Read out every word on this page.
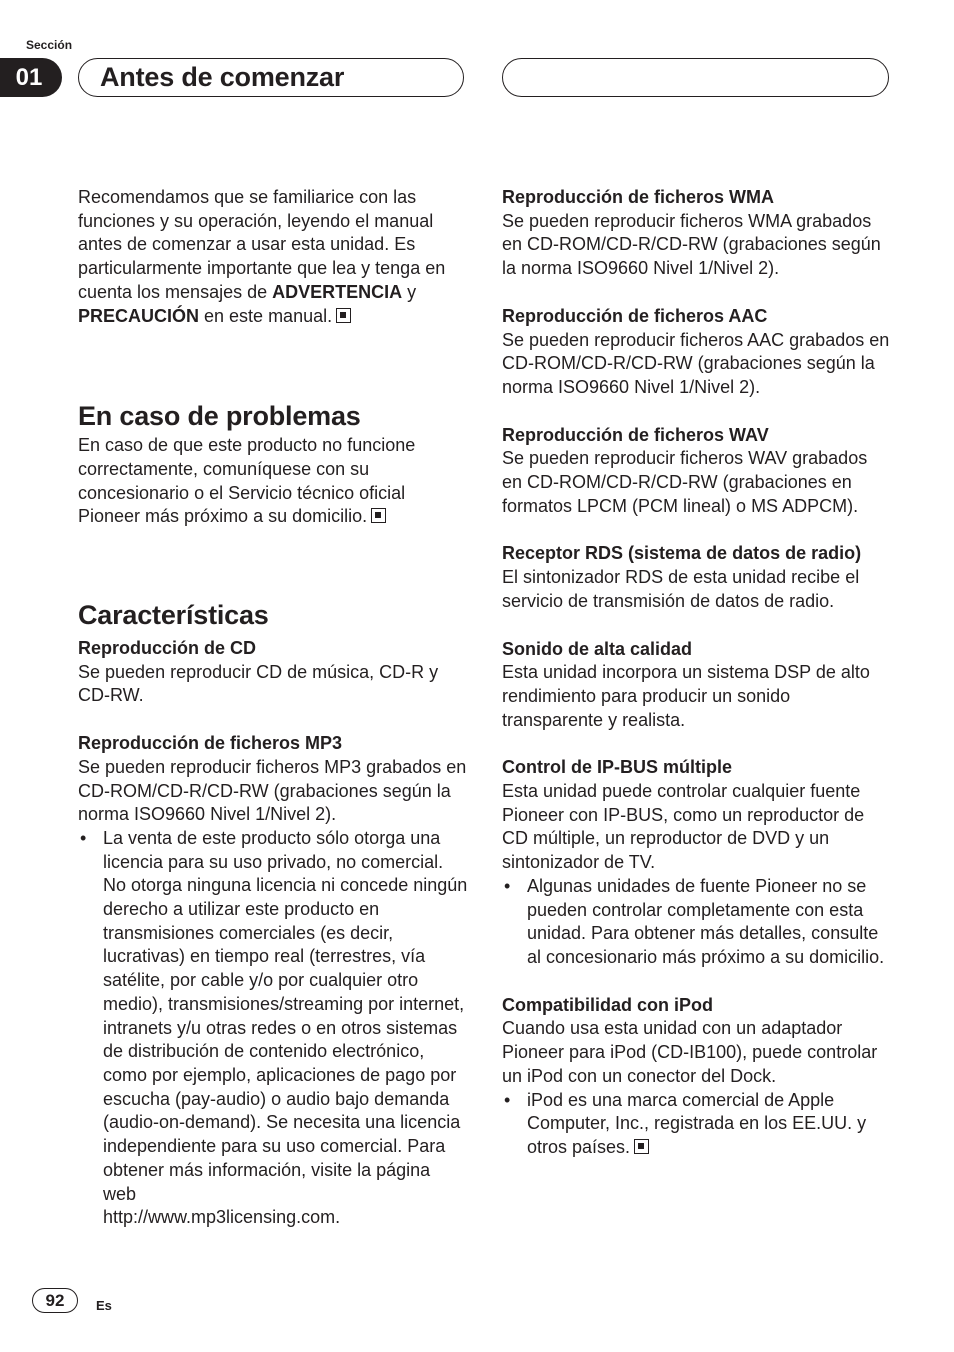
Sección
01	Antes de comenzar

Recomendamos que se familiarice con las funciones y su operación, leyendo el manual antes de comenzar a usar esta unidad. Es particularmente importante que lea y tenga en cuenta los mensajes de ADVERTENCIA y PRECAUCIÓN en este manual.

En caso de problemas

En caso de que este producto no funcione correctamente, comuníquese con su concesionario o el Servicio técnico oficial Pioneer más próximo a su domicilio.

Características
Reproducción de CD

Se pueden reproducir CD de música, CD-R y CD-RW.

Reproducción de ficheros MP3

Se pueden reproducir ficheros MP3 grabados en CD-ROM/CD-R/CD-RW (grabaciones según la norma ISO9660 Nivel 1/Nivel 2).

• La venta de este producto sólo otorga una licencia para su uso privado, no comercial. No otorga ninguna licencia ni concede ningún derecho a utilizar este producto en transmisiones comerciales (es decir, lucrativas) en tiempo real (terrestres, vía satélite, por cable y/o por cualquier otro medio), transmisiones/streaming por internet, intranets y/u otras redes o en otros sistemas de distribución de contenido electrónico, como por ejemplo, aplicaciones de pago por escucha (pay-audio) o audio bajo demanda (audio-on-demand). Se necesita una licencia independiente para su uso comercial. Para obtener más información, visite la página web
http://www.mp3licensing.com.
Reproducción de ficheros WMA

Se pueden reproducir ficheros WMA grabados en CD-ROM/CD-R/CD-RW (grabaciones según la norma ISO9660 Nivel 1/Nivel 2).

Reproducción de ficheros AAC

Se pueden reproducir ficheros AAC grabados en CD-ROM/CD-R/CD-RW (grabaciones según la norma ISO9660 Nivel 1/Nivel 2).

Reproducción de ficheros WAV

Se pueden reproducir ficheros WAV grabados en CD-ROM/CD-R/CD-RW (grabaciones en formatos LPCM (PCM lineal) o MS ADPCM).

Receptor RDS (sistema de datos de radio)

El sintonizador RDS de esta unidad recibe el servicio de transmisión de datos de radio.

Sonido de alta calidad

Esta unidad incorpora un sistema DSP de alto rendimiento para producir un sonido transparente y realista.

Control de IP-BUS múltiple

Esta unidad puede controlar cualquier fuente Pioneer con IP-BUS, como un reproductor de CD múltiple, un reproductor de DVD y un sintonizador de TV.

• Algunas unidades de fuente Pioneer no se pueden controlar completamente con esta unidad. Para obtener más detalles, consulte al concesionario más próximo a su domicilio.
Compatibilidad con iPod

Cuando usa esta unidad con un adaptador Pioneer para iPod (CD-IB100), puede controlar un iPod con un conector del Dock.

• iPod es una marca comercial de Apple Computer, Inc., registrada en los EE.UU. y otros países.
92	Es
